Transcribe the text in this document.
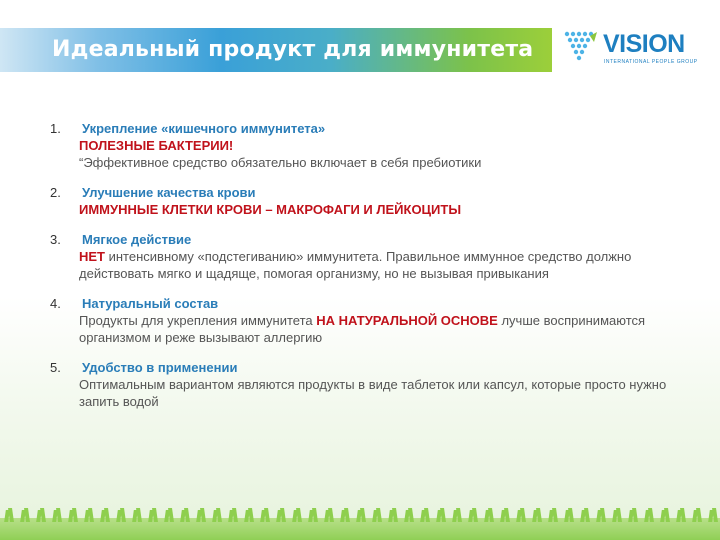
Идеальный продукт для иммунитета	VISION
INTERNATIONAL PEOPLE GROUP
1. Укрепление «кишечного иммунитета»
ПОЛЕЗНЫЕ БАКТЕРИИ!
“Эффективное средство обязательно включает в себя пребиотики
2. Улучшение качества крови
ИММУННЫЕ КЛЕТКИ КРОВИ – МАКРОФАГИ И ЛЕЙКОЦИТЫ
3. Мягкое действие
НЕТ интенсивному «подстегиванию» иммунитета. Правильное иммунное средство должно действовать мягко и щадяще, помогая организму, но не вызывая привыкания
4. Натуральный состав
Продукты для укрепления иммунитета НА НАТУРАЛЬНОЙ ОСНОВЕ лучше воспринимаются организмом и реже вызывают аллергию
5. Удобство в применении
Оптимальным вариантом являются продукты в виде таблеток или капсул, которые просто нужно запить водой
